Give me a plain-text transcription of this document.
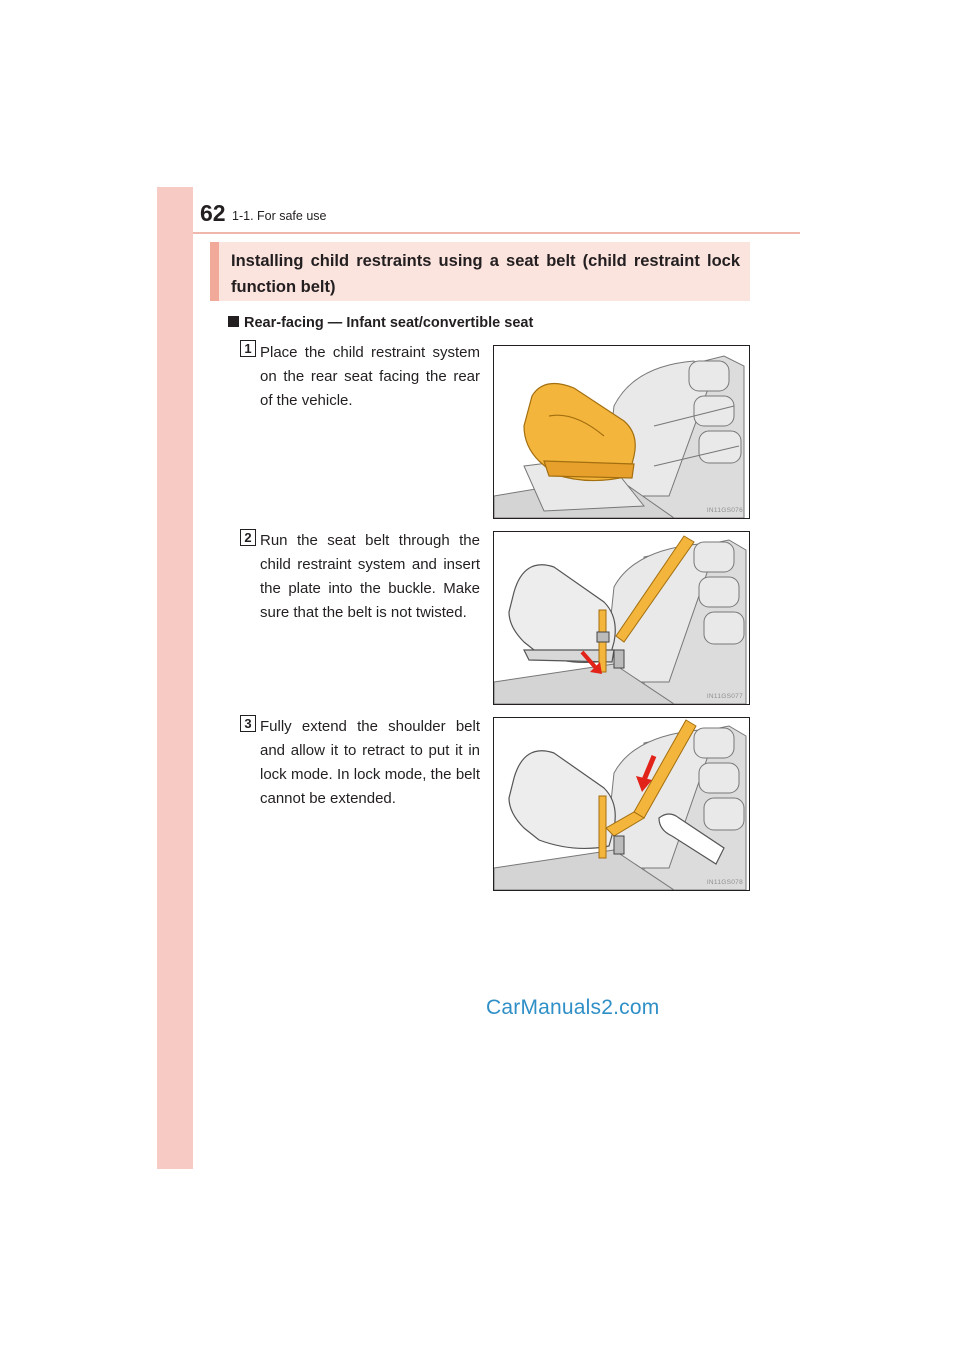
62 1-1. For safe use
Installing child restraints using a seat belt (child restraint lock function belt)
Rear-facing — Infant seat/convertible seat
1 Place the child restraint system on the rear seat facing the rear of the vehicle.
IN11GS076
2 Run the seat belt through the child restraint system and insert the plate into the buckle. Make sure that the belt is not twisted.
IN11GS077
3 Fully extend the shoulder belt and allow it to retract to put it in lock mode. In lock mode, the belt cannot be extended.
IN11GS078
CarManuals2.com
